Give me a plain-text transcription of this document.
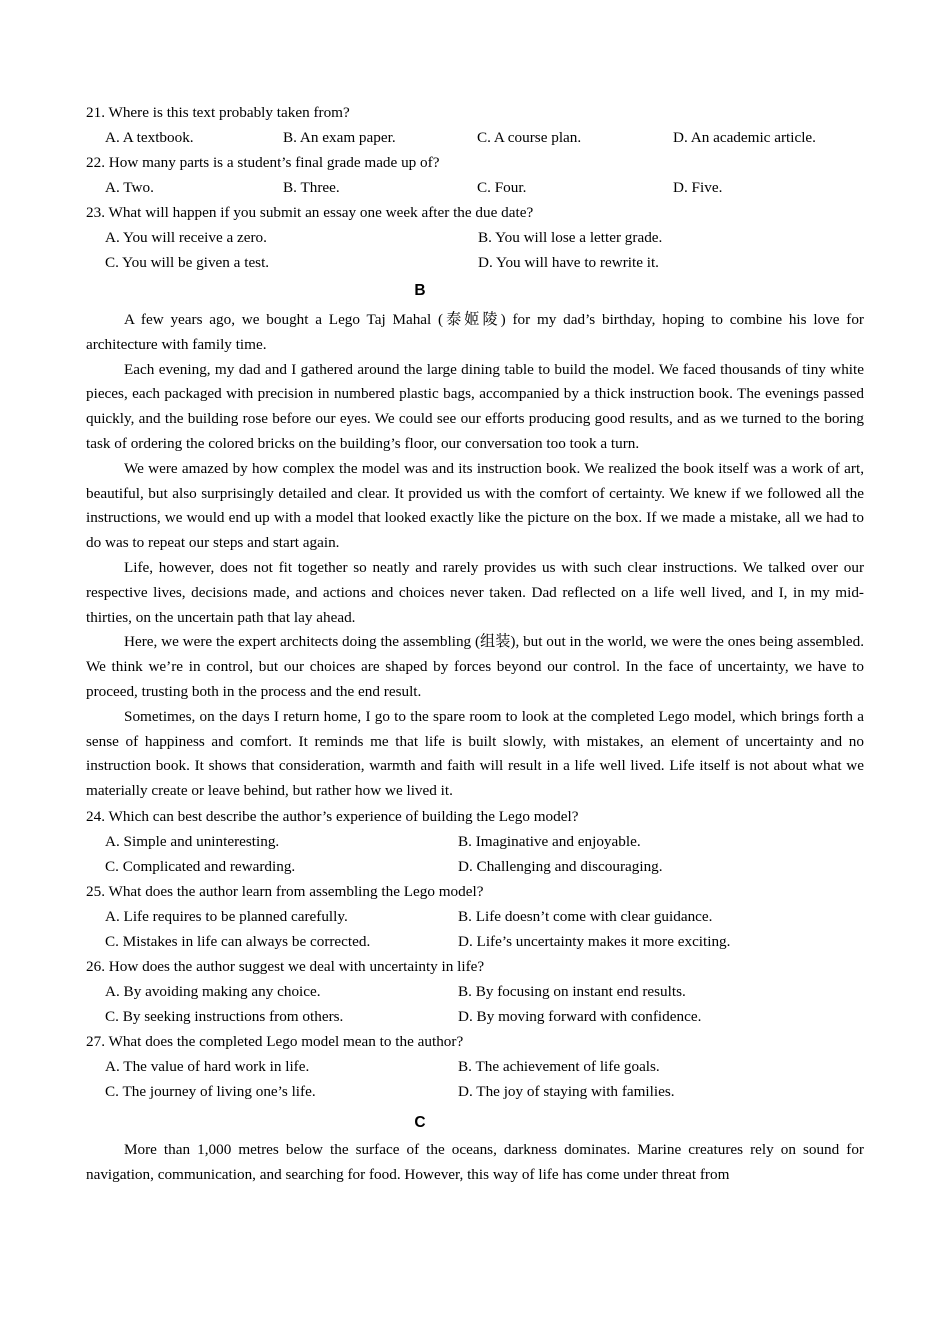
21. Where is this text probably taken from?
A. A textbook.	B. An exam paper.	C. A course plan.	D. An academic article.
22. How many parts is a student’s final grade made up of?
A. Two.	B. Three.	C. Four.	D. Five.
23. What will happen if you submit an essay one week after the due date?
A. You will receive a zero.	B. You will lose a letter grade.
C. You will be given a test.	D. You will have to rewrite it.
B

A few years ago, we bought a Lego Taj Mahal (泰姬陵) for my dad’s birthday, hoping to combine his love for architecture with family time.

Each evening, my dad and I gathered around the large dining table to build the model. We faced thousands of tiny white pieces, each packaged with precision in numbered plastic bags, accompanied by a thick instruction book. The evenings passed quickly, and the building rose before our eyes. We could see our efforts producing good results, and as we turned to the boring task of ordering the colored bricks on the building’s floor, our conversation too took a turn.

We were amazed by how complex the model was and its instruction book. We realized the book itself was a work of art, beautiful, but also surprisingly detailed and clear. It provided us with the comfort of certainty. We knew if we followed all the instructions, we would end up with a model that looked exactly like the picture on the box. If we made a mistake, all we had to do was to repeat our steps and start again.

Life, however, does not fit together so neatly and rarely provides us with such clear instructions. We talked over our respective lives, decisions made, and actions and choices never taken. Dad reflected on a life well lived, and I, in my mid-thirties, on the uncertain path that lay ahead.

Here, we were the expert architects doing the assembling (组装), but out in the world, we were the ones being assembled. We think we’re in control, but our choices are shaped by forces beyond our control. In the face of uncertainty, we have to proceed, trusting both in the process and the end result.

Sometimes, on the days I return home, I go to the spare room to look at the completed Lego model, which brings forth a sense of happiness and comfort. It reminds me that life is built slowly, with mistakes, an element of uncertainty and no instruction book. It shows that consideration, warmth and faith will result in a life well lived. Life itself is not about what we materially create or leave behind, but rather how we lived it.

24. Which can best describe the author’s experience of building the Lego model?
A. Simple and uninteresting.	B. Imaginative and enjoyable.
C. Complicated and rewarding.	D. Challenging and discouraging.
25. What does the author learn from assembling the Lego model?
A. Life requires to be planned carefully.	B. Life doesn’t come with clear guidance.
C. Mistakes in life can always be corrected.	D. Life’s uncertainty makes it more exciting.
26. How does the author suggest we deal with uncertainty in life?
A. By avoiding making any choice.	B. By focusing on instant end results.
C. By seeking instructions from others.	D. By moving forward with confidence.
27. What does the completed Lego model mean to the author?
A. The value of hard work in life.	B. The achievement of life goals.
C. The journey of living one’s life.	D. The joy of staying with families.
C

More than 1,000 metres below the surface of the oceans, darkness dominates. Marine creatures rely on sound for navigation, communication, and searching for food. However, this way of life has come under threat from
